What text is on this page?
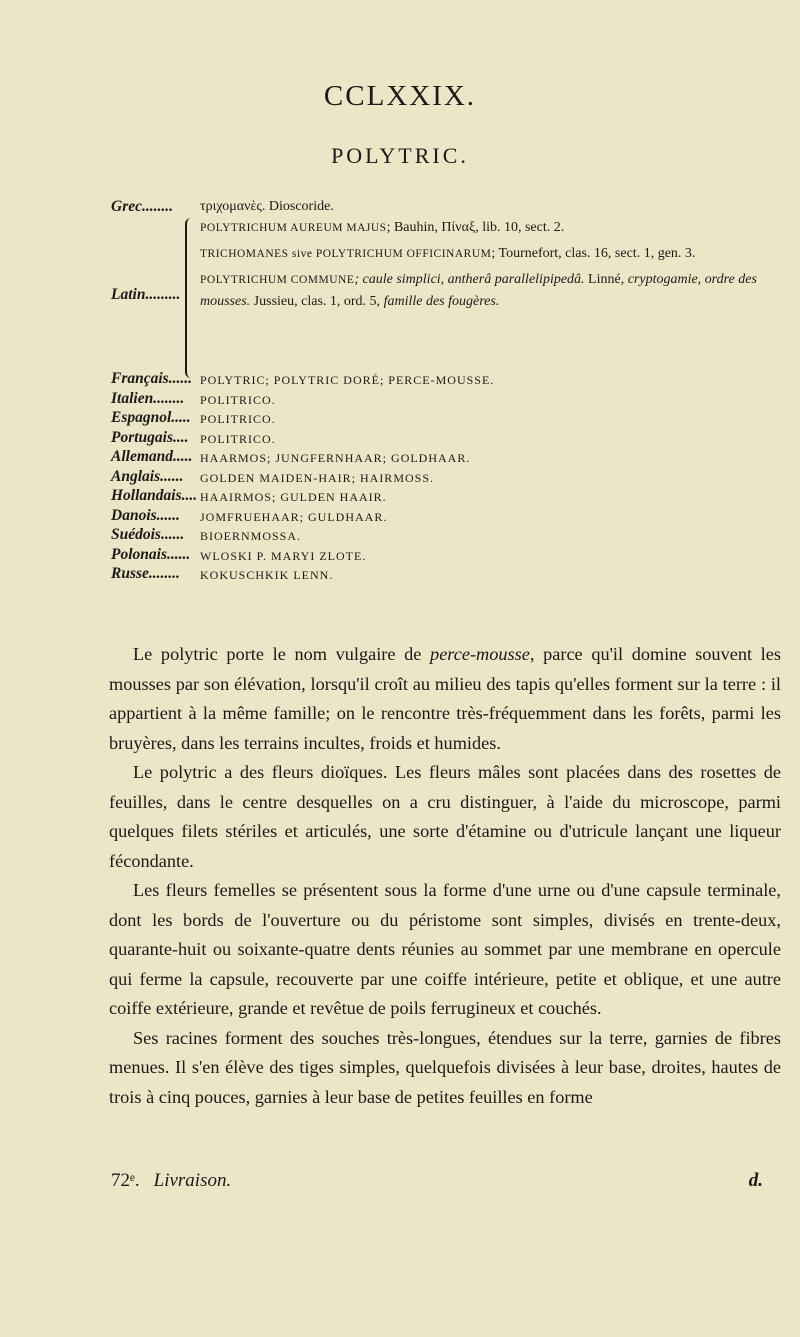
CCLXXIX.
POLYTRIC.
Grec........ τριχομανὲς. Dioscoride.
Latin.........
POLYTRICHUM AUREUM MAJUS; Bauhin, Πίναξ, lib. 10, sect. 2.
TRICHOMANES sive POLYTRICHUM OFFICINARUM; Tournefort, clas. 16, sect. 1, gen. 3.
POLYTRICHUM COMMUNE; caule simplici, antherâ parallelipipedâ. Linné, cryptogamie, ordre des mousses. Jussieu, clas. 1, ord. 5, famille des fougères.
Français...... POLYTRIC; POLYTRIC DORÉ; PERCE-MOUSSE.
Italien........ POLITRICO.
Espagnol..... POLITRICO.
Portugais.... POLITRICO.
Allemand..... HAARMOS; JUNGFERNHAAR; GOLDHAAR.
Anglais...... GOLDEN MAIDEN-HAIR; HAIRMOSS.
Hollandais.... HAAIRMOS; GULDEN HAAIR.
Danois...... JOMFRUEHAAR; GULDHAAR.
Suédois...... BIOERNMOSSA.
Polonais...... WLOSKI P. MARYI ZLOTE.
Russe........ KOKUSCHKIK LENN.

Le polytric porte le nom vulgaire de perce-mousse, parce qu'il domine souvent les mousses par son élévation, lorsqu'il croît au milieu des tapis qu'elles forment sur la terre : il appartient à la même famille; on le rencontre très-fréquemment dans les forêts, parmi les bruyères, dans les terrains incultes, froids et humides.

Le polytric a des fleurs dioïques. Les fleurs mâles sont placées dans des rosettes de feuilles, dans le centre desquelles on a cru distinguer, à l'aide du microscope, parmi quelques filets stériles et articulés, une sorte d'étamine ou d'utricule lançant une liqueur fécondante.

Les fleurs femelles se présentent sous la forme d'une urne ou d'une capsule terminale, dont les bords de l'ouverture ou du péristome sont simples, divisés en trente-deux, quarante-huit ou soixante-quatre dents réunies au sommet par une membrane en opercule qui ferme la capsule, recouverte par une coiffe intérieure, petite et oblique, et une autre coiffe extérieure, grande et revêtue de poils ferrugineux et couchés.

Ses racines forment des souches très-longues, étendues sur la terre, garnies de fibres menues. Il s'en élève des tiges simples, quelquefois divisées à leur base, droites, hautes de trois à cinq pouces, garnies à leur base de petites feuilles en forme

72ᵉ. Livraison.	d.
